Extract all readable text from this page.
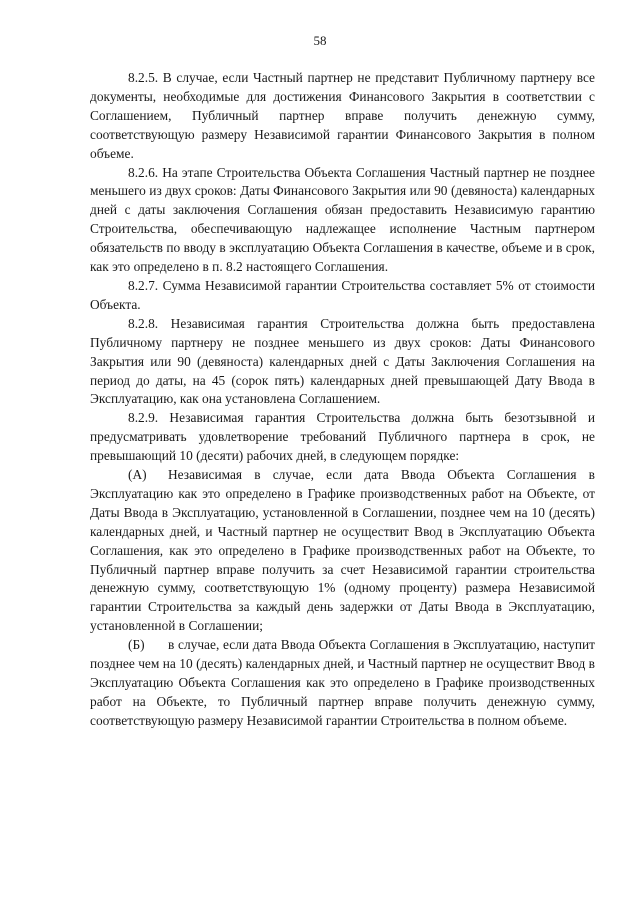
58

8.2.5. В случае, если Частный партнер не представит Публичному партнеру все документы, необходимые для достижения Финансового Закрытия в соответствии с Соглашением, Публичный партнер вправе получить денежную сумму, соответствующую размеру Независимой гарантии Финансового Закрытия в полном объеме.

8.2.6. На этапе Строительства Объекта Соглашения Частный партнер не позднее меньшего из двух сроков: Даты Финансового Закрытия или 90 (девяноста) календарных дней с даты заключения Соглашения обязан предоставить Независимую гарантию Строительства, обеспечивающую надлежащее исполнение Частным партнером обязательств по вводу в эксплуатацию Объекта Соглашения в качестве, объеме и в срок, как это определено в п. 8.2 настоящего Соглашения.

8.2.7. Сумма Независимой гарантии Строительства составляет 5% от стоимости Объекта.

8.2.8. Независимая гарантия Строительства должна быть предоставлена Публичному партнеру не позднее меньшего из двух сроков: Даты Финансового Закрытия или 90 (девяноста) календарных дней с Даты Заключения Соглашения на период до даты, на 45 (сорок пять) календарных дней превышающей Дату Ввода в Эксплуатацию, как она установлена Соглашением.

8.2.9. Независимая гарантия Строительства должна быть безотзывной и предусматривать удовлетворение требований Публичного партнера в срок, не превышающий 10 (десяти) рабочих дней, в следующем порядке:

(А) Независимая в случае, если дата Ввода Объекта Соглашения в Эксплуатацию как это определено в Графике производственных работ на Объекте, от Даты Ввода в Эксплуатацию, установленной в Соглашении, позднее чем на 10 (десять) календарных дней, и Частный партнер не осуществит Ввод в Эксплуатацию Объекта Соглашения, как это определено в Графике производственных работ на Объекте, то Публичный партнер вправе получить за счет Независимой гарантии строительства денежную сумму, соответствующую 1% (одному проценту) размера Независимой гарантии Строительства за каждый день задержки от Даты Ввода в Эксплуатацию, установленной в Соглашении;

(Б) в случае, если дата Ввода Объекта Соглашения в Эксплуатацию, наступит позднее чем на 10 (десять) календарных дней, и Частный партнер не осуществит Ввод в Эксплуатацию Объекта Соглашения как это определено в Графике производственных работ на Объекте, то Публичный партнер вправе получить денежную сумму, соответствующую размеру Независимой гарантии Строительства в полном объеме.
